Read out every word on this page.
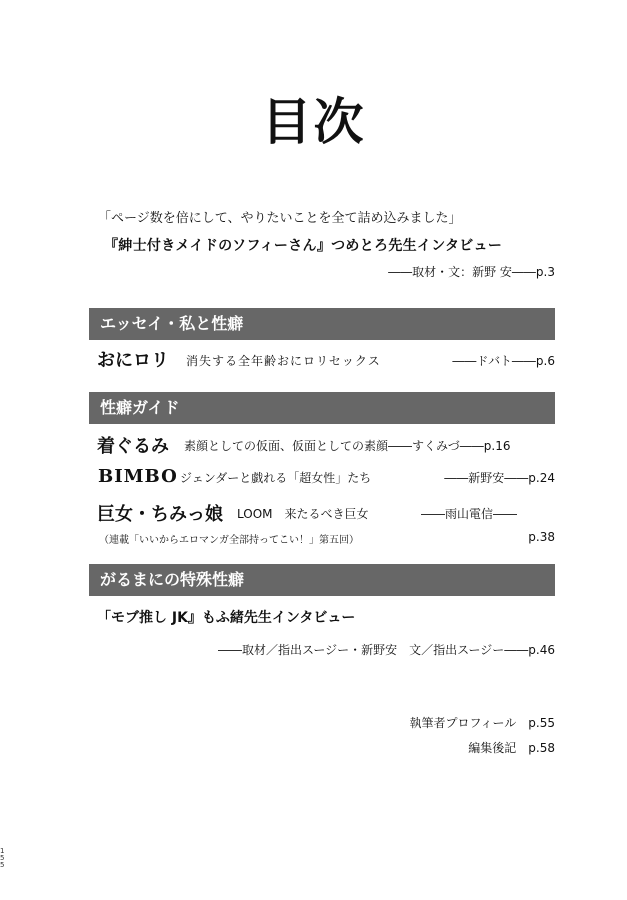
目次
「ページ数を倍にして、やりたいことを全て詰め込みました」
『紳士付きメイドのソフィーさん』つめとろ先生インタビュー
――取材・文：新野 安――p.3
エッセイ・私と性癖
おにロリ 消失する全年齢おにロリセックス	――ドバト――p.6
性癖ガイド
着ぐるみ 素顔としての仮面、仮面としての素顔――すくみづ――p.16
BIMBO ジェンダーと戯れる「超女性」たち	――新野安――p.24
巨女・ちみっ娘 LOOM　来たるべき巨女	――雨山電信――
（連載「いいからエロマンガ全部持ってこい！」第五回）	p.38
がるまにの特殊性癖
「モブ推し JK』もふ緒先生インタビュー
――取材／指出スージー・新野安　文／指出スージー――p.46
執筆者プロフィール　p.55
編集後記　p.58
1 5 5
